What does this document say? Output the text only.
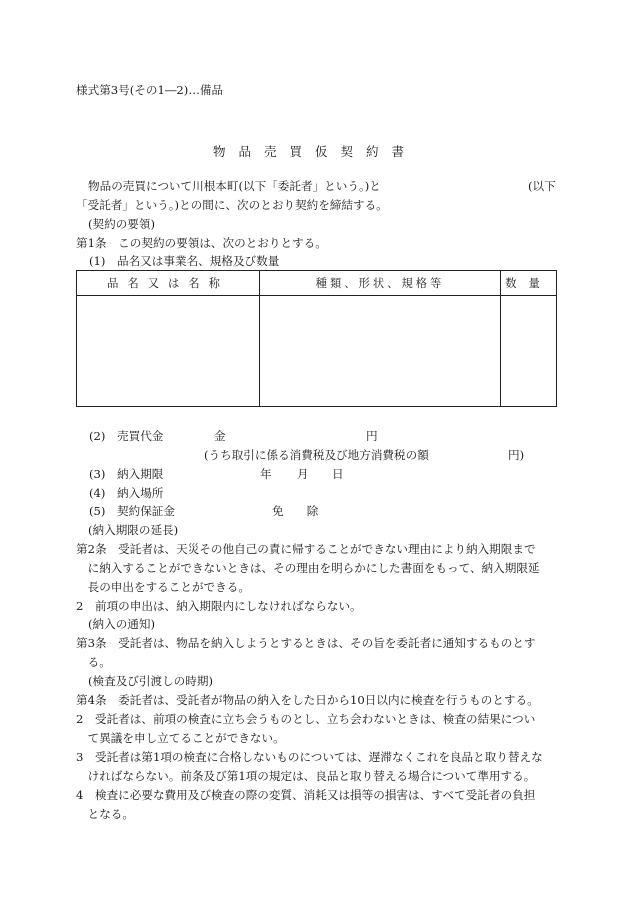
様式第3号(その1―2)…備品
物品売買仮契約書
物品の売買について川根本町(以下「委託者」という。)と	(以下
「受託者」という。)との間に、次のとおり契約を締結する。
(契約の要領)
第1条　この契約の要領は、次のとおりとする。
(1)　品名又は事業名、規格及び数量
品名又は名称	種類、形状、規格等	数量

(2)　売買代金	金	円
(うち取引に係る消費税及び地方消費税の額	円)
(3)　納入期限	年 月 日
(4)　納入場所
(5)　契約保証金	免　　除
(納入期限の延長)
第2条　受託者は、天災その他自己の責に帰することができない理由により納入期限まで
　に納入することができないときは、その理由を明らかにした書面をもって、納入期限延
　長の申出をすることができる。
2　前項の申出は、納入期限内にしなければならない。
(納入の通知)
第3条　受託者は、物品を納入しようとするときは、その旨を委託者に通知するものとす
　る。
(検査及び引渡しの時期)
第4条　委託者は、受託者が物品の納入をした日から10日以内に検査を行うものとする。
2　受託者は、前項の検査に立ち会うものとし、立ち会わないときは、検査の結果につい
　て異議を申し立てることができない。
3　受託者は第1項の検査に合格しないものについては、遅滞なくこれを良品と取り替えな
　ければならない。前条及び第1項の規定は、良品と取り替える場合について準用する。
4　検査に必要な費用及び検査の際の変質、消耗又は損等の損害は、すべて受託者の負担
　となる。
